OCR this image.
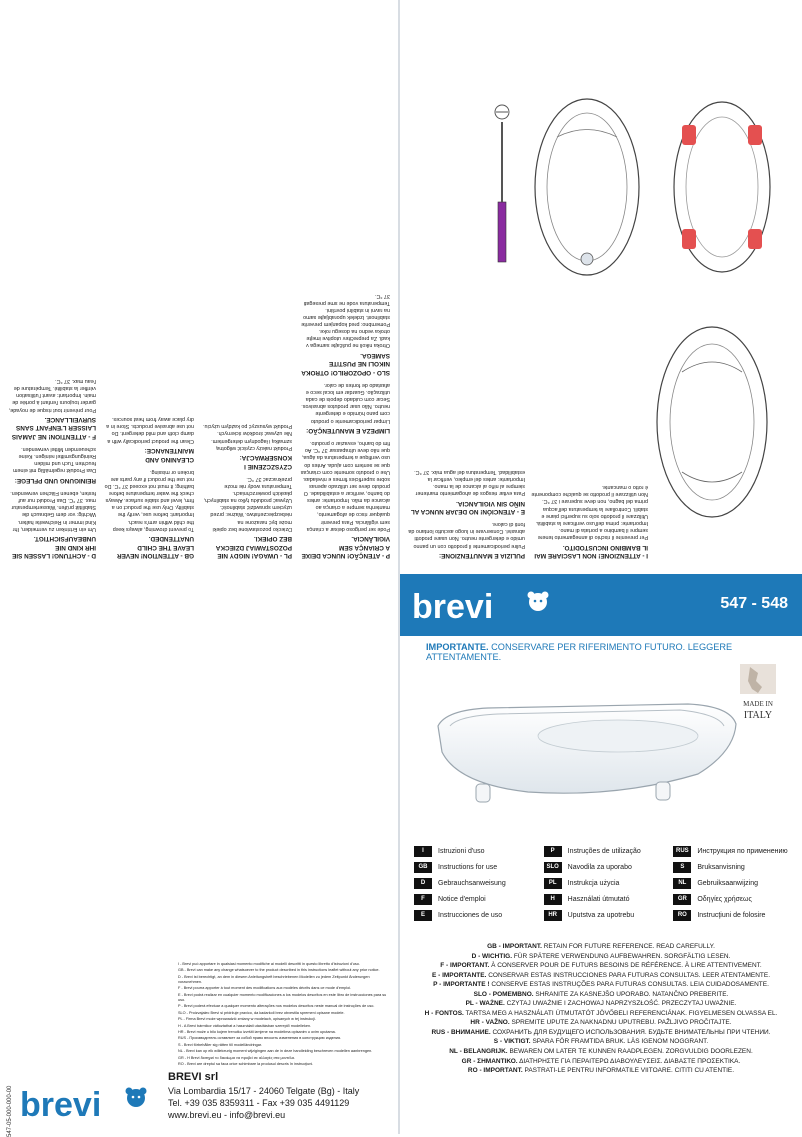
P - ATENÇÃO! NUNCA DEIXE A CRIANÇA SEM VIGILÂNCIA.

Pode ser perigoso deixar a criança sem vigilância. Para prevenir qualquer risco de afogamento, mantenha sempre a criança ao alcance da mão. Importante: antes do banho, verificar a estabilidade. O produto deve ser utilizado apenas sobre superfícies firmes e niveladas. Use o produto somente com crianças que se sentem com ajuda. Antes do uso verifique a temperatura da água, que não deve ultrapassar 37 °C. Ao fim do banho, esvaziar o produto.

LIMPEZA E MANUTENÇÃO:

Limpar periodicamente o produto com pano húmido e detergente neutro. Não usar produtos abrasivos. Secar com cuidado depois de cada utilização. Guardar em local seco e afastado de fontes de calor.

SLO - OPOZORILO! OTROKA NIKOLI NE PUSTITE SAMEGA.

Otroka nikoli ne puščajte samega v kadi. Za preprečitev utopitve imejte otroka vedno na dosegu roke. Pomembno: pred kopanjem preverite stabilnost. Izdelek uporabljajte samo na ravni in stabilni površini. Temperatura vode ne sme presegati 37 °C.

PL - UWAGA! NIGDY NIE POZOSTAWIAJ DZIECKA BEZ OPIEKI.

Dziecko pozostawione bez opieki może być narażone na niebezpieczeństwo. Ważne: przed użyciem sprawdzić stabilność. Używać produktu tylko na stabilnych, płaskich powierzchniach. Temperatura wody nie może przekraczać 37 °C.

CZYSZCZENIE I KONSERWACJA:

Produkt należy czyścić wilgotną szmatką i łagodnym detergentem. Nie używać środków ściernych. Produkt wysuszyć po każdym użyciu.

GB - ATTENTION! NEVER LEAVE THE CHILD UNATTENDED.

To prevent drowning, always keep the child within arm's reach. Important: before use, verify the stability. Only use the product on a firm, level and stable surface. Always check the water temperature before bathing; it must not exceed 37 °C. Do not use the product if any parts are broken or missing.

CLEANING AND MAINTENANCE:

Clean the product periodically with a damp cloth and mild detergent. Do not use abrasive products. Store in a dry place away from heat sources.

D - ACHTUNG! LASSEN SIE IHR KIND NIE UNBEAUFSICHTIGT.

Um ein Ertrinken zu vermeiden, Ihr Kind immer in Reichweite halten. Wichtig: vor dem Gebrauch die Stabilität prüfen. Wassertemperatur max. 37 °C. Das Produkt nur auf festen, ebenen Flächen verwenden.

REINIGUNG UND PFLEGE:

Das Produkt regelmäßig mit einem feuchten Tuch und milden Reinigungsmittel reinigen. Keine scheuernden Mittel verwenden.

F - ATTENTION! NE JAMAIS LAISSER L'ENFANT SANS SURVEILLANCE.

Pour prévenir tout risque de noyade, garder toujours l'enfant à portée de main. Important: avant l'utilisation vérifier la stabilité. Température de l'eau max. 37 °C.

I - ATTENZIONE! NON LASCIARE MAI IL BAMBINO INCUSTODITO.

Per prevenire il rischio di annegamento tenere sempre il bambino a portata di mano. Importante: prima dell'uso verificare la stabilità. Utilizzare il prodotto solo su superfici piane e stabili. Controllare la temperatura dell'acqua prima del bagno, non deve superare i 37 °C. Non utilizzare il prodotto se qualche componente è rotto o mancante.

PULIZIA E MANUTENZIONE:

Pulire periodicamente il prodotto con un panno umido e detergente neutro. Non usare prodotti abrasivi. Conservare in luogo asciutto lontano da fonti di calore.

E - ATENCIÓN! NO DEJAR NUNCA AL NIÑO SIN VIGILANCIA.

Para evitar riesgos de ahogamiento mantener siempre al niño al alcance de la mano. Importante: antes del empleo, verificar la estabilidad. Temperatura del agua máx. 37 °C.

I - Brevi può apportare in qualsiasi momento modifiche ai modelli descritti in questo libretto d'istruzioni d'uso.

GB - Brevi can make any change whatsoever to the product described in this instructions leaflet without any prior notice.

D - Brevi ist berechtigt, an dem in diesem Anleitungsheft beschriebenen Modellen zu jedem Zeitpunkt Änderungen vorzunehmen.

F - Brevi pourra apporter à tout moment des modifications aux modèles décrits dans ce mode d'emploi.

E - Brevi podrá realizar en cualquier momento modificaciones a los modelos descritos en este libro de instrucciones para su uso.

P - Brevi poderá efectuar a qualquer momento alterações nos modelos descritos neste manual de instruções de uso.

SLO - Proizvajalec Brevi si pridržuje pravico, da kadarkoli brez obvestila spremeni opisane modele.

PL - Firma Brevi może wprowadzić zmiany w modelach, opisanych w tej instrukcji.

H - A Brevi bármikor változtathat a használati utasításban szereplő modelleken.

HR - Brevi može u bilo kojem trenutku izvršiti izmjene na modelima opisanim u ovim uputama.

RUS - Производитель оставляет за собой право вносить изменения в конструкцию изделия.

S - Brevi förbehåller sig rätten till modelländringar.

NL - Brevi kan op elk willekeurig moment wijzigingen aan de in deze handleiding beschreven modellen aanbrengen.

GR - Η Brevi διατηρεί το δικαίωμα να προβεί σε αλλαγές στα μοντέλα.

RO - Brevi are dreptul sa faca orice schimbare la produsul descris în instrucţiuni.

547-05-000-000-00 brevi
BREVI srl
Via Lombardia 15/17 - 24060 Telgate (Bg) - Italy
Tel. +39 035 8359311 - Fax +39 035 4491129
www.brevi.eu - info@brevi.eu
brevi	547 - 548
IMPORTANTE. CONSERVARE PER RIFERIMENTO FUTURO. LEGGERE ATTENTAMENTE.
MADE IN
ITALY
I	Istruzioni d'uso	P	Instruções de utilização	RUS	Инструкция по применению
GB	Instructions for use	SLO	Navodila za uporabo	S	Bruksanvisning
D	Gebrauchsanweisung	PL	Instrukcja użycia	NL	Gebruiksaanwijzing
F	Notice d'emploi	H	Használati útmutató	GR	Οδηγίες χρήσεως
E	Instrucciones de uso	HR	Uputstva za upotrebu	RO	Instrucţiuni de folosire

GB - IMPORTANT. RETAIN FOR FUTURE REFERENCE. READ CAREFULLY.

D - WICHTIG. FÜR SPÄTERE VERWENDUNG AUFBEWAHREN. SORGFÄLTIG LESEN.

F - IMPORTANT. À CONSERVER POUR DE FUTURS BESOINS DE RÉFÉRENCE. À LIRE ATTENTIVEMENT.

E - IMPORTANTE. CONSERVAR ESTAS INSTRUCCIONES PARA FUTURAS CONSULTAS. LEER ATENTAMENTE.

P - IMPORTANTE ! CONSERVE ESTAS INSTRUÇÕES PARA FUTURAS CONSULTAS. LEIA CUIDADOSAMENTE.

SLO - POMEMBNO. SHRANITE ZA KASNEJŠO UPORABO. NATANČNO PREBERITE.

PL - WAŻNE. CZYTAJ UWAŻNIE I ZACHOWAJ NAPRZYSZŁOŚĆ. PRZECZYTAJ UWAŻNIE.

H - FONTOS. TARTSA MEG A HASZNÁLATI ÚTMUTATÓT JÖVŐBELI REFERENCIÁNAK. FIGYELMESEN OLVASSA EL.

HR - VAŽNO. SPREMITE UPUTE ZA NAKNADNU UPUTREBU. PAŽLJIVO PROČITAJTE.

RUS - ВНИМАНИЕ. СОХРАНИТЬ ДЛЯ БУДУЩЕГО ИСПОЛЬЗОВАНИЯ. БУДЬТЕ ВНИМАТЕЛЬНЫ ПРИ ЧТЕНИИ.

S - VIKTIGT. SPARA FÖR FRAMTIDA BRUK. LÄS IGENOM NOGGRANT.

NL - BELANGRIJK. BEWAREN OM LATER TE KUNNEN RAADPLEGEN. ZORGVULDIG DOORLEZEN.

GR - ΣΗΜΑΝΤΙΚΟ. ΔΙΑΤΗΡΗΣΤΕ ΓΙΑ ΠΕΡΑΙΤΕΡΩ ΔΙΑΒΟΥΛΕΥΣΕΙΣ. ΔΙΑΒΑΣΤΕ ΠΡΟΣΕΚΤΙΚΑ.

RO - IMPORTANT. PASTRATI-LE PENTRU INFORMATILE VIITOARE. CITITI CU ATENTIE.
